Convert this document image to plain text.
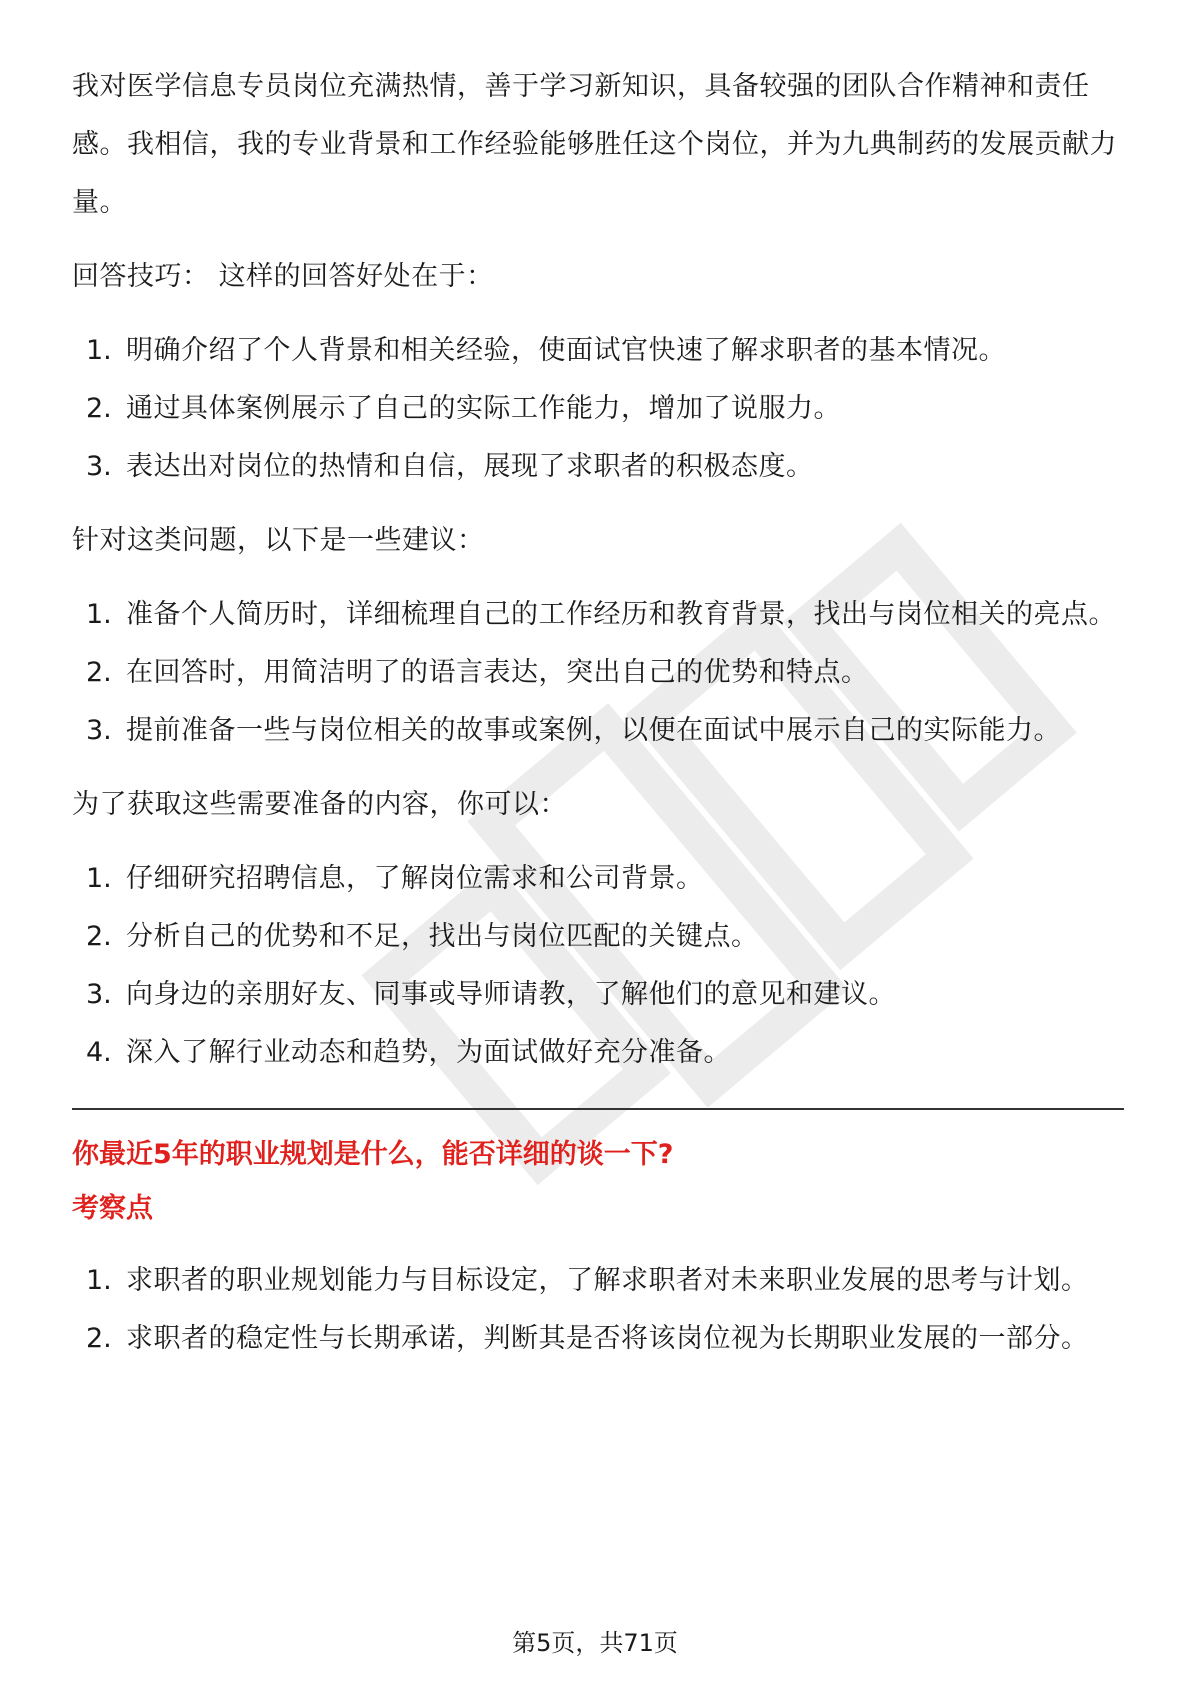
我对医学信息专员岗位充满热情，善于学习新知识，具备较强的团队合作精神和责任感。我相信，我的专业背景和工作经验能够胜任这个岗位，并为九典制药的发展贡献力量。

回答技巧： 这样的回答好处在于：

1. 明确介绍了个人背景和相关经验，使面试官快速了解求职者的基本情况。
2. 通过具体案例展示了自己的实际工作能力，增加了说服力。
3. 表达出对岗位的热情和自信，展现了求职者的积极态度。

针对这类问题，以下是一些建议：

1. 准备个人简历时，详细梳理自己的工作经历和教育背景，找出与岗位相关的亮点。
2. 在回答时，用简洁明了的语言表达，突出自己的优势和特点。
3. 提前准备一些与岗位相关的故事或案例，以便在面试中展示自己的实际能力。

为了获取这些需要准备的内容，你可以：

1. 仔细研究招聘信息，了解岗位需求和公司背景。
2. 分析自己的优势和不足，找出与岗位匹配的关键点。
3. 向身边的亲朋好友、同事或导师请教，了解他们的意见和建议。
4. 深入了解行业动态和趋势，为面试做好充分准备。

你最近5年的职业规划是什么，能否详细的谈一下?

考察点

1. 求职者的职业规划能力与目标设定，了解求职者对未来职业发展的思考与计划。
2. 求职者的稳定性与长期承诺，判断其是否将该岗位视为长期职业发展的一部分。
第5页，共71页
